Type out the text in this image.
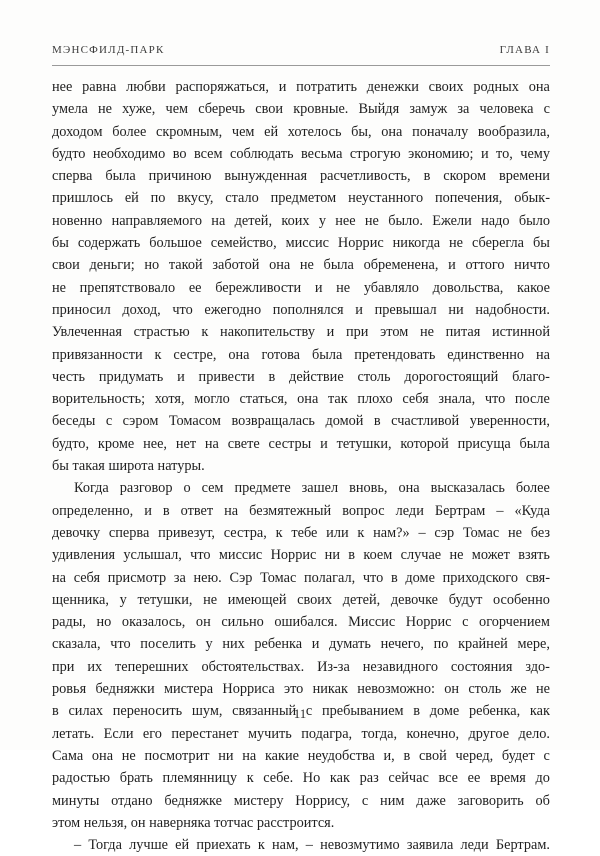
МЭНСФИЛД-ПАРК	ГЛАВА I
нее равна любви распоряжаться, и потратить денежки своих родных она
умела не хуже, чем сберечь свои кровные. Выйдя замуж за человека с
доходом более скромным, чем ей хотелось бы, она поначалу вообразила,
будто необходимо во всем соблюдать весьма строгую экономию; и то, чему
сперва была причиною вынужденная расчетливость, в скором времени
пришлось ей по вкусу, стало предметом неустанного попечения, обык-
новенно направляемого на детей, коих у нее не было. Ежели надо было
бы содержать большое семейство, миссис Норрис никогда не сберегла бы
свои деньги; но такой заботой она не была обременена, и оттого ничто
не препятствовало ее бережливости и не убавляло довольства, какое
приносил доход, что ежегодно пополнялся и превышал ни надобности.
Увлеченная страстью к накопительству и при этом не питая истинной
привязанности к сестре, она готова была претендовать единственно на
честь придумать и привести в действие столь дорогостоящий благо-
ворительность; хотя, могло статься, она так плохо себя знала, что после
беседы с сэром Томасом возвращалась домой в счастливой уверенности,
будто, кроме нее, нет на свете сестры и тетушки, которой присуща была
бы такая широта натуры.
Когда разговор о сем предмете зашел вновь, она высказалась более
определенно, и в ответ на безмятежный вопрос леди Бертрам – «Куда
девочку сперва привезут, сестра, к тебе или к нам?» – сэр Томас не без
удивления услышал, что миссис Норрис ни в коем случае не может взять
на себя присмотр за нею. Сэр Томас полагал, что в доме приходского свя-
щенника, у тетушки, не имеющей своих детей, девочке будут особенно
рады, но оказалось, он сильно ошибался. Миссис Норрис с огорчением
сказала, что поселить у них ребенка и думать нечего, по крайней мере,
при их теперешних обстоятельствах. Из-за незавидного состояния здо-
ровья бедняжки мистера Норриса это никак невозможно: он столь же не
в силах переносить шум, связанный с пребыванием в доме ребенка, как
летать. Если его перестанет мучить подагра, тогда, конечно, другое дело.
Сама она не посмотрит ни на какие неудобства и, в свой черед, будет с
радостью брать племянницу к себе. Но как раз сейчас все ее время до
минуты отдано бедняжке мистеру Норрису, с ним даже заговорить об
этом нельзя, он наверняка тотчас расстроится.
– Тогда лучше ей приехать к нам, – невозмутимо заявила леди Бертрам.
11
